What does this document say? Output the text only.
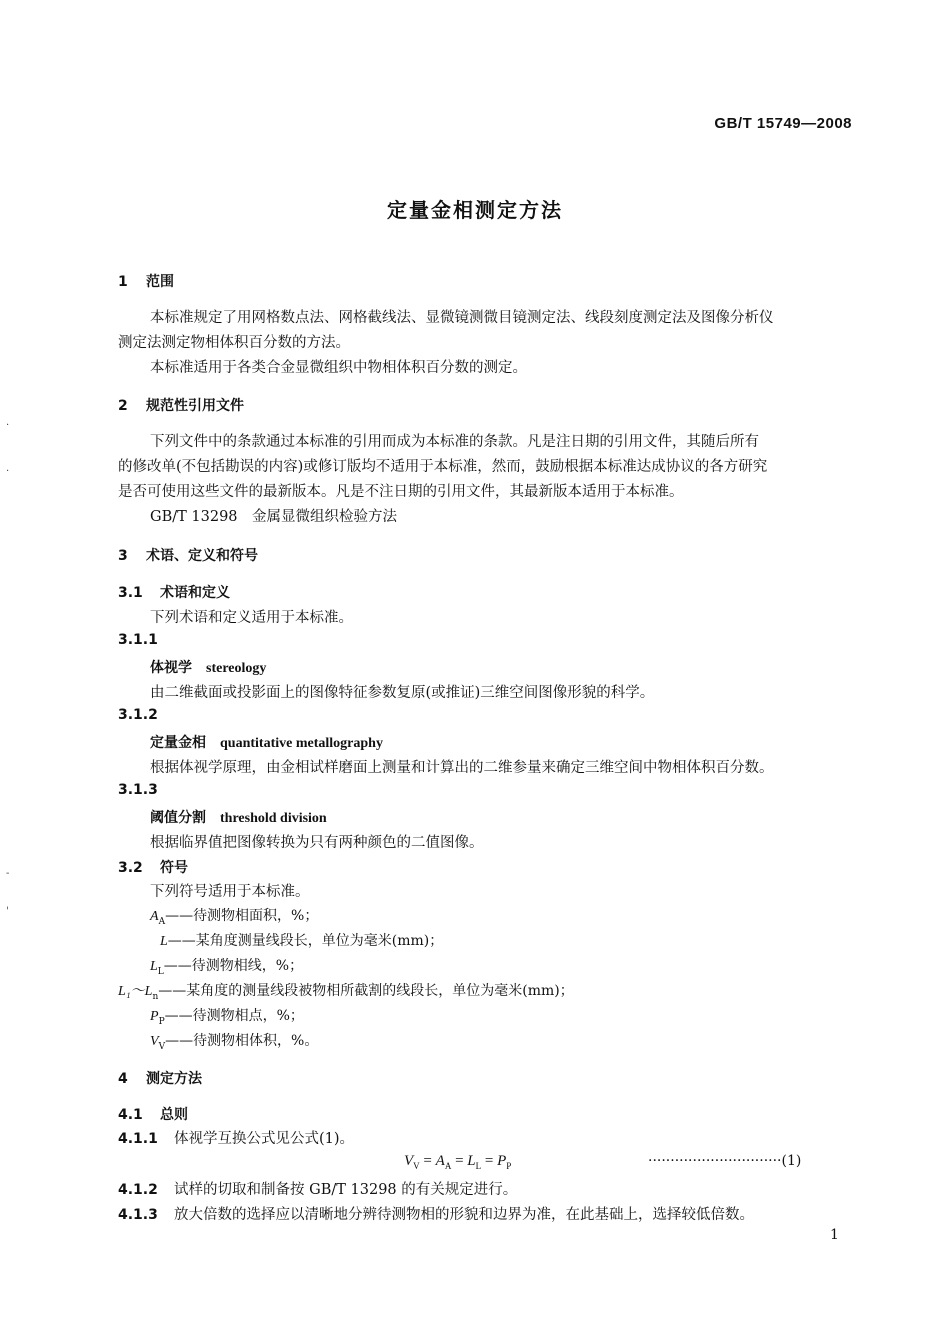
GB/T 15749—2008
定量金相测定方法
1 范围
本标准规定了用网格数点法、网格截线法、显微镜测微目镜测定法、线段刻度测定法及图像分析仪
测定法测定物相体积百分数的方法。
本标准适用于各类合金显微组织中物相体积百分数的测定。
2 规范性引用文件
下列文件中的条款通过本标准的引用而成为本标准的条款。凡是注日期的引用文件，其随后所有
的修改单(不包括勘误的内容)或修订版均不适用于本标准，然而，鼓励根据本标准达成协议的各方研究
是否可使用这些文件的最新版本。凡是不注日期的引用文件，其最新版本适用于本标准。
GB/T 13298　金属显微组织检验方法
3 术语、定义和符号
3.1 术语和定义
下列术语和定义适用于本标准。
3.1.1
体视学 stereology
由二维截面或投影面上的图像特征参数复原(或推证)三维空间图像形貌的科学。
3.1.2
定量金相 quantitative metallography
根据体视学原理，由金相试样磨面上测量和计算出的二维参量来确定三维空间中物相体积百分数。
3.1.3
阈值分割 threshold division
根据临界值把图像转换为只有两种颜色的二值图像。
3.2 符号
下列符号适用于本标准。
$A_A——$待测物相面积，%；
L——某角度测量线段长，单位为毫米(mm)；
$L_L——$待测物相线，%；
$L_1\sim L_n——$某角度的测量线段被物相所截割的线段长，单位为毫米(mm)；
$P_P——$待测物相点，%；
$V_V——$待测物相体积，%。
4 测定方法
4.1 总则
4.1.1 体视学互换公式见公式(1)。
$V_V = A_A = L_L = P_P$	······························(1)
4.1.2 试样的切取和制备按 GB/T 13298 的有关规定进行。
4.1.3 放大倍数的选择应以清晰地分辨待测物相的形貌和边界为准，在此基础上，选择较低倍数。
1
·
·
-
'
